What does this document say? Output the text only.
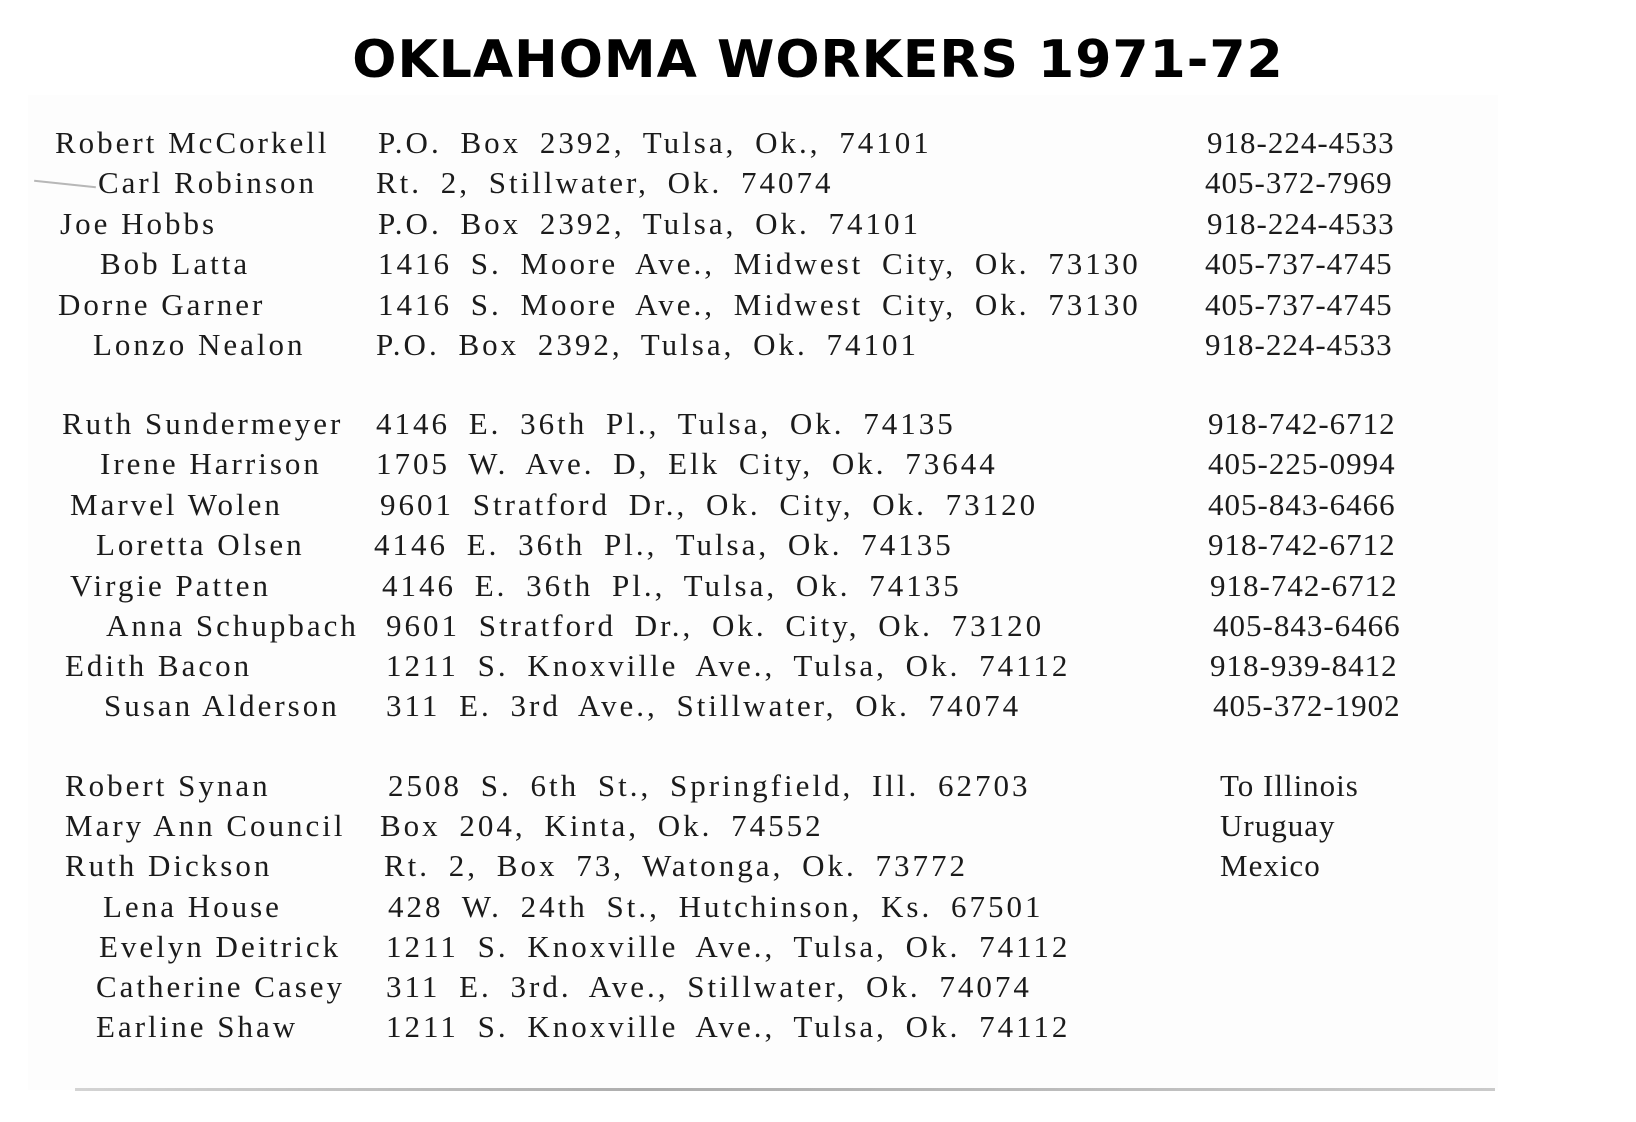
OKLAHOMA WORKERS 1971-72
Robert McCorkell P.O. Box 2392, Tulsa, Ok., 74101	918-224-4533
Carl Robinson Rt. 2, Stillwater, Ok. 74074	405-372-7969
Joe Hobbs	P.O. Box 2392, Tulsa, Ok. 74101	918-224-4533
Bob Latta	1416 S. Moore Ave., Midwest City, Ok. 73130 405-737-4745
Dorne Garner	1416 S. Moore Ave., Midwest City, Ok. 73130 405-737-4745
Lonzo Nealon P.O. Box 2392, Tulsa, Ok. 74101	918-224-4533
Ruth Sundermeyer 4146 E. 36th Pl., Tulsa, Ok. 74135	918-742-6712
Irene Harrison 1705 W. Ave. D, Elk City, Ok. 73644	405-225-0994
Marvel Wolen	9601 Stratford Dr., Ok. City, Ok. 73120	405-843-6466
Loretta Olsen 4146 E. 36th Pl., Tulsa, Ok. 74135	918-742-6712
Virgie Patten	4146 E. 36th Pl., Tulsa, Ok. 74135	918-742-6712
Anna Schupbach 9601 Stratford Dr., Ok. City, Ok. 73120	405-843-6466
Edith Bacon	1211 S. Knoxville Ave., Tulsa, Ok. 74112	918-939-8412
Susan Alderson 311 E. 3rd Ave., Stillwater, Ok. 74074	405-372-1902
Robert Synan	2508 S. 6th St., Springfield, Ill. 62703	To Illinois
Mary Ann Council Box 204, Kinta, Ok. 74552	Uruguay
Ruth Dickson	Rt. 2, Box 73, Watonga, Ok. 73772	Mexico
Lena House	428 W. 24th St., Hutchinson, Ks. 67501
Evelyn Deitrick 1211 S. Knoxville Ave., Tulsa, Ok. 74112
Catherine Casey 311 E. 3rd. Ave., Stillwater, Ok. 74074
Earline Shaw	1211 S. Knoxville Ave., Tulsa, Ok. 74112
